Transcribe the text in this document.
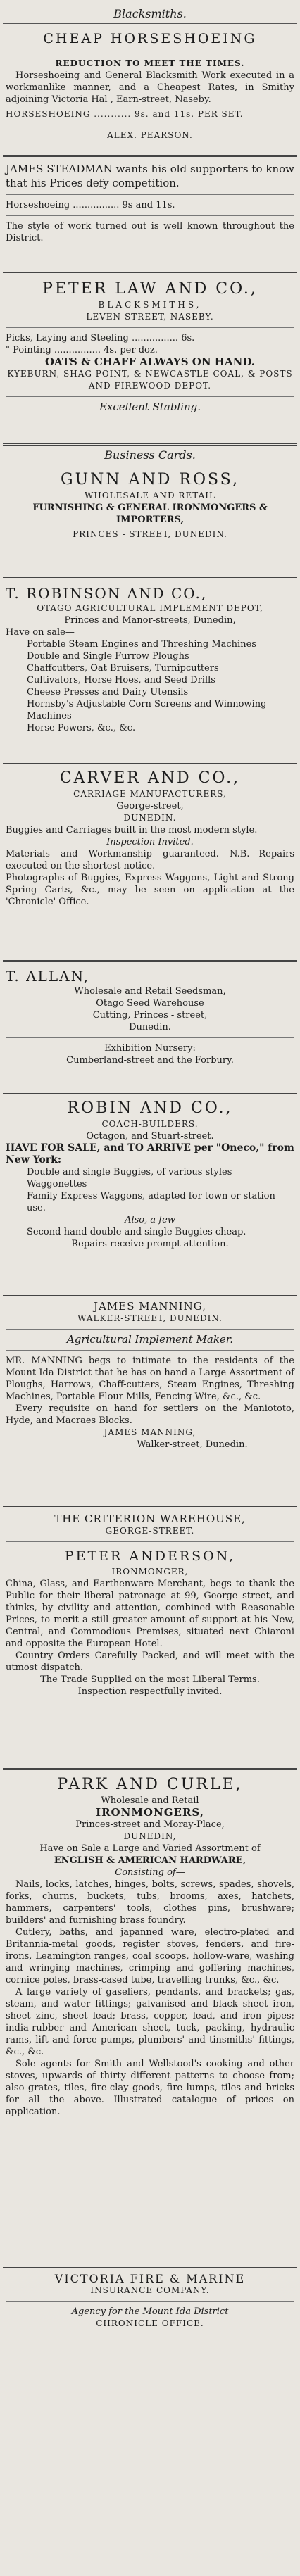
Blacksmiths.
CHEAP HORSESHOEING
REDUCTION TO MEET THE TIMES.
Horseshoeing and General Blacksmith Work executed in a workmanlike manner, and a Cheapest Rates, in Smithy adjoining Victoria Hal , Earn-street, Naseby.
HORSESHOEING ........... 9s. and 11s. PER SET.
ALEX. PEARSON.
JAMES STEADMAN wants his old supporters to know that his Prices defy competition.
Horseshoeing ................ 9s and 11s.
The style of work turned out is well known throughout the District.
PETER LAW AND CO.,
BLACKSMITHS,
LEVEN-STREET, NASEBY.
Picks, Laying and Steeling ................ 6s.
" Pointing ................ 4s. per doz.
OATS & CHAFF ALWAYS ON HAND.
KYEBURN, SHAG POINT, & NEWCASTLE COAL, & POSTS AND FIREWOOD DEPOT.
Excellent Stabling.
Business Cards.
GUNN AND ROSS,
WHOLESALE AND RETAIL
FURNISHING & GENERAL IRONMONGERS & IMPORTERS,
PRINCES - STREET, DUNEDIN.
T. ROBINSON AND CO.,
OTAGO AGRICULTURAL IMPLEMENT DEPOT,
Princes and Manor-streets, Dunedin,
Have on sale—
Portable Steam Engines and Threshing Machines
Double and Single Furrow Ploughs
Chaffcutters, Oat Bruisers, Turnipcutters
Cultivators, Horse Hoes, and Seed Drills
Cheese Presses and Dairy Utensils
Hornsby's Adjustable Corn Screens and Winnowing Machines
Horse Powers, &c., &c.
CARVER AND CO.,
CARRIAGE MANUFACTURERS,
George-street,
DUNEDIN.
Buggies and Carriages built in the most modern style.
Inspection Invited.
Materials and Workmanship guaranteed. N.B.—Repairs executed on the shortest notice.
Photographs of Buggies, Express Waggons, Light and Strong Spring Carts, &c., may be seen on application at the 'Chronicle' Office.
T. ALLAN,
Wholesale and Retail Seedsman,
Otago Seed Warehouse
Cutting, Princes - street,
Dunedin.
Exhibition Nursery:
Cumberland-street and the Forbury.
ROBIN AND CO.,
COACH-BUILDERS.
Octagon, and Stuart-street.
HAVE FOR SALE, and TO ARRIVE per "Oneco," from New York:
Double and single Buggies, of various styles
Waggonettes
Family Express Waggons, adapted for town or station use.
Also, a few
Second-hand double and single Buggies cheap.
Repairs receive prompt attention.
JAMES MANNING,
WALKER-STREET, DUNEDIN.
Agricultural Implement Maker.
MR. MANNING begs to intimate to the residents of the Mount Ida District that he has on hand a Large Assortment of Ploughs, Harrows, Chaff-cutters, Steam Engines, Threshing Machines, Portable Flour Mills, Fencing Wire, &c., &c.
Every requisite on hand for settlers on the Maniototo, Hyde, and Macraes Blocks.
JAMES MANNING,
Walker-street, Dunedin.
THE CRITERION WAREHOUSE,
GEORGE-STREET.
PETER ANDERSON,
IRONMONGER,
China, Glass, and Earthenware Merchant, begs to thank the Public for their liberal patronage at 99, George street, and thinks, by civility and attention, combined with Reasonable Prices, to merit a still greater amount of support at his New, Central, and Commodious Premises, situated next Chiaroni and opposite the European Hotel.
Country Orders Carefully Packed, and will meet with the utmost dispatch.
The Trade Supplied on the most Liberal Terms.
Inspection respectfully invited.
PARK AND CURLE,
Wholesale and Retail
IRONMONGERS,
Princes-street and Moray-Place,
DUNEDIN,
Have on Sale a Large and Varied Assortment of
ENGLISH & AMERICAN HARDWARE,
Consisting of—
Nails, locks, latches, hinges, bolts, screws, spades, shovels, forks, churns, buckets, tubs, brooms, axes, hatchets, hammers, carpenters' tools, clothes pins, brushware; builders' and furnishing brass foundry.
Cutlery, baths, and japanned ware, electro-plated and Britannia-metal goods, register stoves, fenders, and fire-irons, Leamington ranges, coal scoops, hollow-ware, washing and wringing machines, crimping and goffering machines, cornice poles, brass-cased tube, travelling trunks, &c., &c.
A large variety of gaseliers, pendants, and brackets; gas, steam, and water fittings; galvanised and black sheet iron, sheet zinc, sheet lead; brass, copper, lead, and iron pipes; india-rubber and American sheet, tuck, packing, hydraulic rams, lift and force pumps, plumbers' and tinsmiths' fittings, &c., &c.
Sole agents for Smith and Wellstood's cooking and other stoves, upwards of thirty different patterns to choose from; also grates, tiles, fire-clay goods, fire lumps, tiles and bricks for all the above. Illustrated catalogue of prices on application.
VICTORIA FIRE & MARINE
INSURANCE COMPANY.
Agency for the Mount Ida District
CHRONICLE OFFICE.
